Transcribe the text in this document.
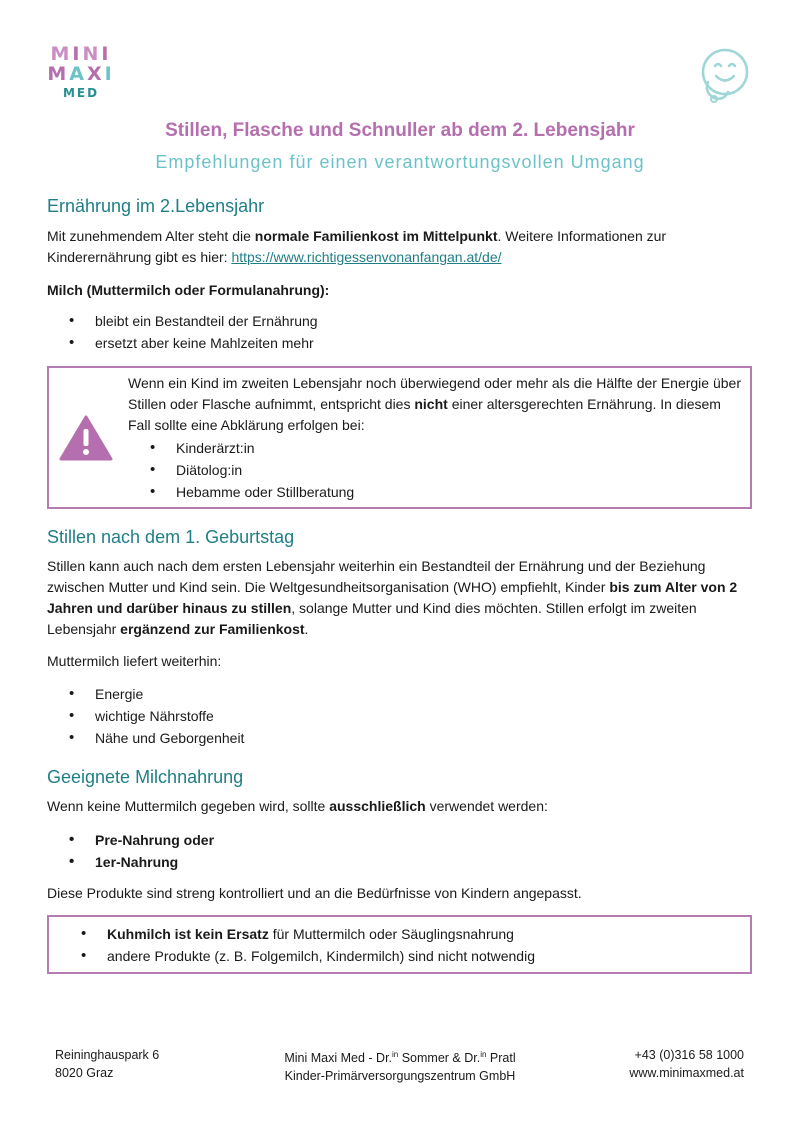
MINI
MAXI
MED
Stillen, Flasche und Schnuller ab dem 2. Lebensjahr
Empfehlungen für einen verantwortungsvollen Umgang
Ernährung im 2.Lebensjahr
Mit zunehmendem Alter steht die normale Familienkost im Mittelpunkt. Weitere Informationen zur Kinderernährung gibt es hier: https://www.richtigessenvonanfangan.at/de/
Milch (Muttermilch oder Formulanahrung):
• bleibt ein Bestandteil der Ernährung
• ersetzt aber keine Mahlzeiten mehr
Wenn ein Kind im zweiten Lebensjahr noch überwiegend oder mehr als die Hälfte der Energie über Stillen oder Flasche aufnimmt, entspricht dies nicht einer altersgerechten Ernährung. In diesem Fall sollte eine Abklärung erfolgen bei:
• Kinderärzt:in
• Diätolog:in
• Hebamme oder Stillberatung
Stillen nach dem 1. Geburtstag
Stillen kann auch nach dem ersten Lebensjahr weiterhin ein Bestandteil der Ernährung und der Beziehung zwischen Mutter und Kind sein. Die Weltgesundheitsorganisation (WHO) empfiehlt, Kinder bis zum Alter von 2 Jahren und darüber hinaus zu stillen, solange Mutter und Kind dies möchten. Stillen erfolgt im zweiten Lebensjahr ergänzend zur Familienkost.
Muttermilch liefert weiterhin:
• Energie
• wichtige Nährstoffe
• Nähe und Geborgenheit
Geeignete Milchnahrung
Wenn keine Muttermilch gegeben wird, sollte ausschließlich verwendet werden:
• Pre-Nahrung oder
• 1er-Nahrung
Diese Produkte sind streng kontrolliert und an die Bedürfnisse von Kindern angepasst.
• Kuhmilch ist kein Ersatz für Muttermilch oder Säuglingsnahrung
• andere Produkte (z. B. Folgemilch, Kindermilch) sind nicht notwendig
Reininghauspark 6
8020 Graz
Mini Maxi Med - Dr.$^{in}$ Sommer & Dr.$^{in}$ Pratl
Kinder-Primärversorgungszentrum GmbH
+43 (0)316 58 1000
www.minimaxmed.at
